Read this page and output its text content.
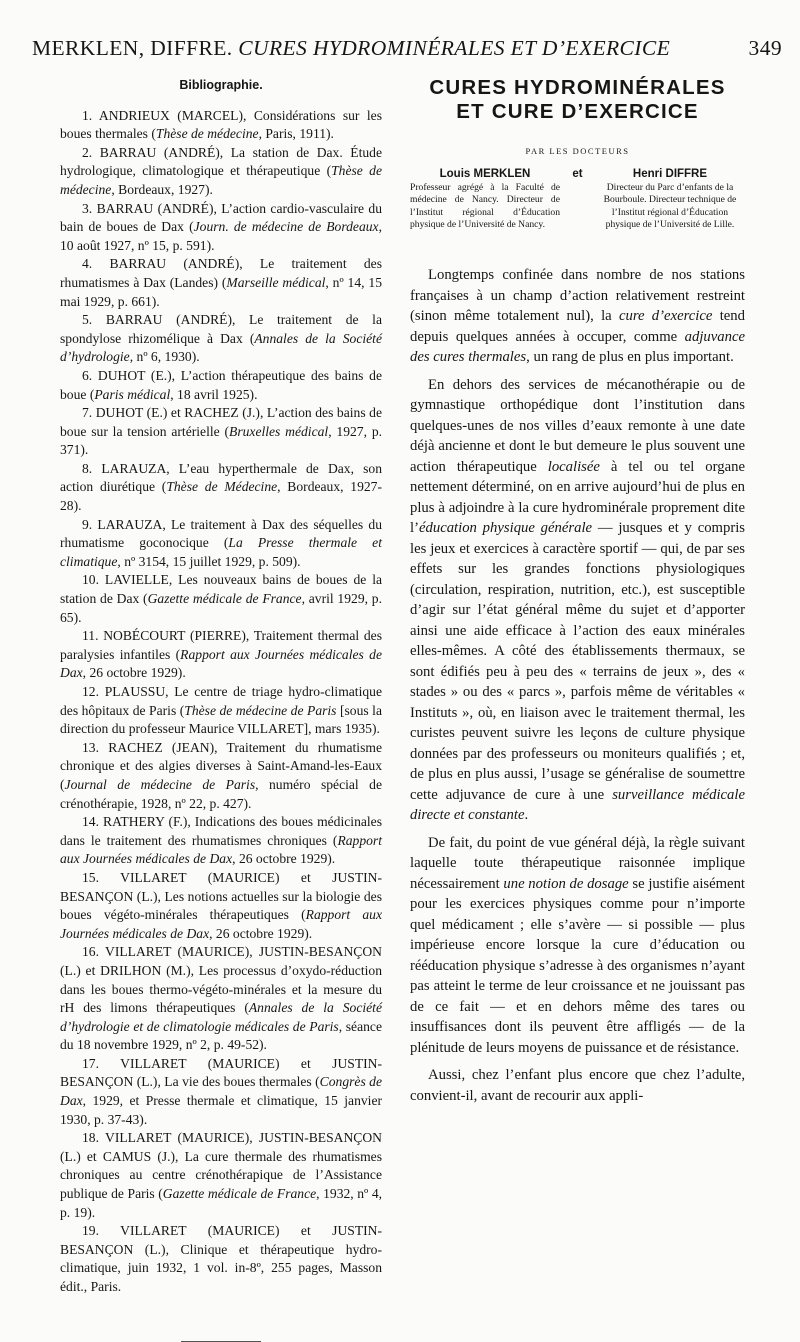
MERKLEN, DIFFRE. CURES HYDROMINÉRALES ET D’EXERCICE	349
Bibliographie.

1. ANDRIEUX (MARCEL), Considérations sur les boues thermales (Thèse de médecine, Paris, 1911).

2. BARRAU (ANDRÉ), La station de Dax. Étude hydrologique, climatologique et thérapeutique (Thèse de médecine, Bordeaux, 1927).

3. BARRAU (ANDRÉ), L’action cardio-vasculaire du bain de boues de Dax (Journ. de médecine de Bordeaux, 10 août 1927, nº 15, p. 591).

4. BARRAU (ANDRÉ), Le traitement des rhumatismes à Dax (Landes) (Marseille médical, nº 14, 15 mai 1929, p. 661).

5. BARRAU (ANDRÉ), Le traitement de la spondylose rhizomélique à Dax (Annales de la Société d’hydrologie, nº 6, 1930).

6. DUHOT (E.), L’action thérapeutique des bains de boue (Paris médical, 18 avril 1925).

7. DUHOT (E.) et RACHEZ (J.), L’action des bains de boue sur la tension artérielle (Bruxelles médical, 1927, p. 371).

8. LARAUZA, L’eau hyperthermale de Dax, son action diurétique (Thèse de Médecine, Bordeaux, 1927-28).

9. LARAUZA, Le traitement à Dax des séquelles du rhumatisme goconocique (La Presse thermale et climatique, nº 3154, 15 juillet 1929, p. 509).

10. LAVIELLE, Les nouveaux bains de boues de la station de Dax (Gazette médicale de France, avril 1929, p. 65).

11. NOBÉCOURT (PIERRE), Traitement thermal des paralysies infantiles (Rapport aux Journées médicales de Dax, 26 octobre 1929).

12. PLAUSSU, Le centre de triage hydro-climatique des hôpitaux de Paris (Thèse de médecine de Paris [sous la direction du professeur Maurice VILLARET], mars 1935).

13. RACHEZ (JEAN), Traitement du rhumatisme chronique et des algies diverses à Saint-Amand-les-Eaux (Journal de médecine de Paris, numéro spécial de crénothérapie, 1928, nº 22, p. 427).

14. RATHERY (F.), Indications des boues médicinales dans le traitement des rhumatismes chroniques (Rapport aux Journées médicales de Dax, 26 octobre 1929).

15. VILLARET (MAURICE) et JUSTIN-BESANÇON (L.), Les notions actuelles sur la biologie des boues végéto-minérales thérapeutiques (Rapport aux Journées médicales de Dax, 26 octobre 1929).

16. VILLARET (MAURICE), JUSTIN-BESANÇON (L.) et DRILHON (M.), Les processus d’oxydo-réduction dans les boues thermo-végéto-minérales et la mesure du rH des limons thérapeutiques (Annales de la Société d’hydrologie et de climatologie médicales de Paris, séance du 18 novembre 1929, nº 2, p. 49-52).

17. VILLARET (MAURICE) et JUSTIN-BESANÇON (L.), La vie des boues thermales (Congrès de Dax, 1929, et Presse thermale et climatique, 15 janvier 1930, p. 37-43).

18. VILLARET (MAURICE), JUSTIN-BESANÇON (L.) et CAMUS (J.), La cure thermale des rhumatismes chroniques au centre crénothérapique de l’Assistance publique de Paris (Gazette médicale de France, 1932, nº 4, p. 19).

19. VILLARET (MAURICE) et JUSTIN-BESANÇON (L.), Clinique et thérapeutique hydro-climatique, juin 1932, 1 vol. in-8º, 255 pages, Masson édit., Paris.

CURES HYDROMINÉRALES
ET CURE D’EXERCICE
PAR LES DOCTEURS
Louis MERKLEN
Professeur agrégé à la Faculté de médecine de Nancy. Directeur de l’Institut régional d’Éducation physique de l’Université de Nancy.
et	Henri DIFFRE
Directeur du Parc d’enfants de la Bourboule. Directeur technique de l’Institut régional d’Éducation physique de l’Université de Lille.

Longtemps confinée dans nombre de nos stations françaises à un champ d’action relativement restreint (sinon même totalement nul), la cure d’exercice tend depuis quelques années à occuper, comme adjuvance des cures thermales, un rang de plus en plus important.

En dehors des services de mécanothérapie ou de gymnastique orthopédique dont l’institution dans quelques-unes de nos villes d’eaux remonte à une date déjà ancienne et dont le but demeure le plus souvent une action thérapeutique localisée à tel ou tel organe nettement déterminé, on en arrive aujourd’hui de plus en plus à adjoindre à la cure hydrominérale proprement dite l’éducation physique générale — jusques et y compris les jeux et exercices à caractère sportif — qui, de par ses effets sur les grandes fonctions physiologiques (circulation, respiration, nutrition, etc.), est susceptible d’agir sur l’état général même du sujet et d’apporter ainsi une aide efficace à l’action des eaux minérales elles-mêmes. A côté des établissements thermaux, se sont édifiés peu à peu des « terrains de jeux », des « stades » ou des « parcs », parfois même de véritables « Instituts », où, en liaison avec le traitement thermal, les curistes peuvent suivre les leçons de culture physique données par des professeurs ou moniteurs qualifiés ; et, de plus en plus aussi, l’usage se généralise de soumettre cette adjuvance de cure à une surveillance médicale directe et constante.

De fait, du point de vue général déjà, la règle suivant laquelle toute thérapeutique raisonnée implique nécessairement une notion de dosage se justifie aisément pour les exercices physiques comme pour n’importe quel médicament ; elle s’avère — si possible — plus impérieuse encore lorsque la cure d’éducation ou rééducation physique s’adresse à des organismes n’ayant pas atteint le terme de leur croissance et ne jouissant pas de ce fait — et en dehors même des tares ou insuffisances dont ils peuvent être affligés — de la plénitude de leurs moyens de puissance et de résistance.

Aussi, chez l’enfant plus encore que chez l’adulte, convient-il, avant de recourir aux appli-
